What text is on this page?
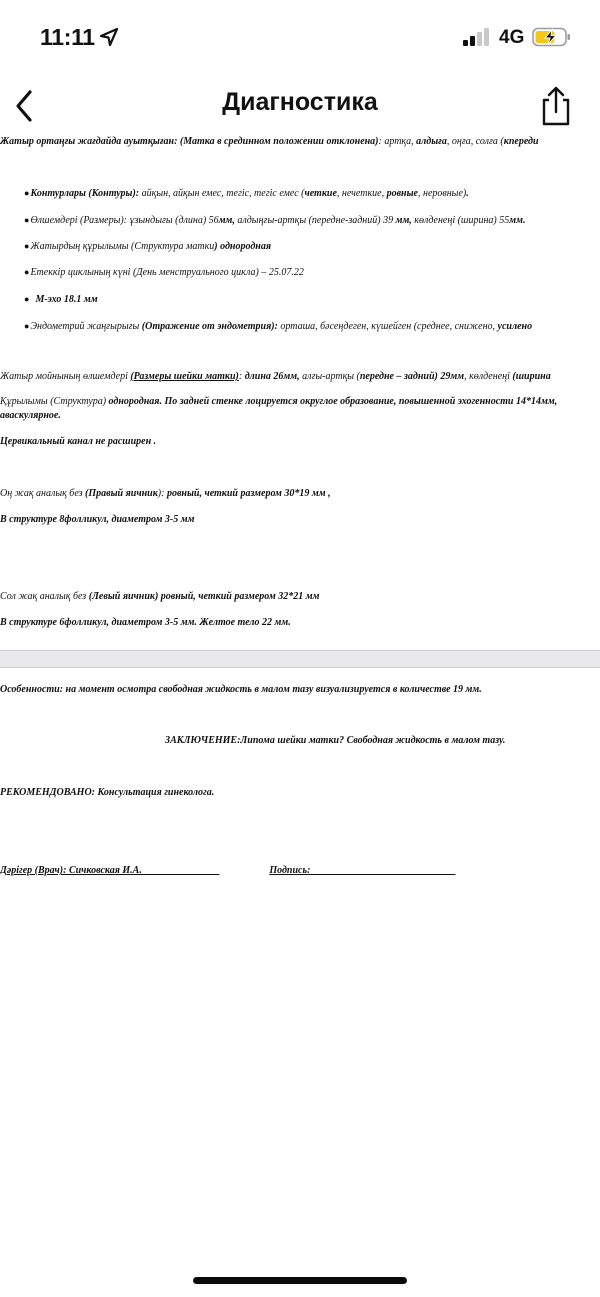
11:11	4G
Диагностика
Жатыр ортаңғы жағдайда ауытқыған: (Матка в срединном положении отклонена): артқа, алдыға, оңға, солға (кпереди
●Контурлары (Контуры): айқын, айқын емес, тегіс, тегіс емес (четкие, нечеткие, ровные, неровные).
●Өлшемдері (Размеры): ұзындығы (длина) 56мм, алдыңғы-артқы (передне-задний) 39 мм, көлденеңі (ширина) 55мм.
●Жатырдың құрылымы (Структура матки) однородная
●Етеккір циклының күні (День менструального цикла) – 25.07.22
● М-эхо 18.1 мм
●Эндометрий жаңғырығы (Отражение от эндометрия): орташа, бәсеңдеген, күшейген (среднее, снижено, усилено
Жатыр мойнының өлшемдері (Размеры шейки матки): длина 26мм, алғы-артқы (передне – задний) 29мм, көлденеңі (ширина
Құрылымы (Структура) однородная. По задней стенке лоцируется округлое образование, повышенной эхогенности 14*14мм,
аваскулярное.
Цервикальный канал не расширен .
Оң жақ аналық без (Правый яичник): ровный, четкий размером 30*19 мм ,
В структуре 8фолликул, диаметром 3-5 мм
Сол жақ аналық без (Левый яичник) ровный, четкий размером 32*21 мм
В структуре 6фолликул, диаметром 3-5 мм. Желтое тело 22 мм.
Особенности: на момент осмотра свободная жидкость в малом тазу визуализируется в количестве 19 мм.
ЗАКЛЮЧЕНИЕ:Липома шейки матки? Свободная жидкость в малом тазу.
РЕКОМЕНДОВАНО: Консультация гинеколога.
Дәрігер (Врач): Сичковская И.А.	Подпись:
